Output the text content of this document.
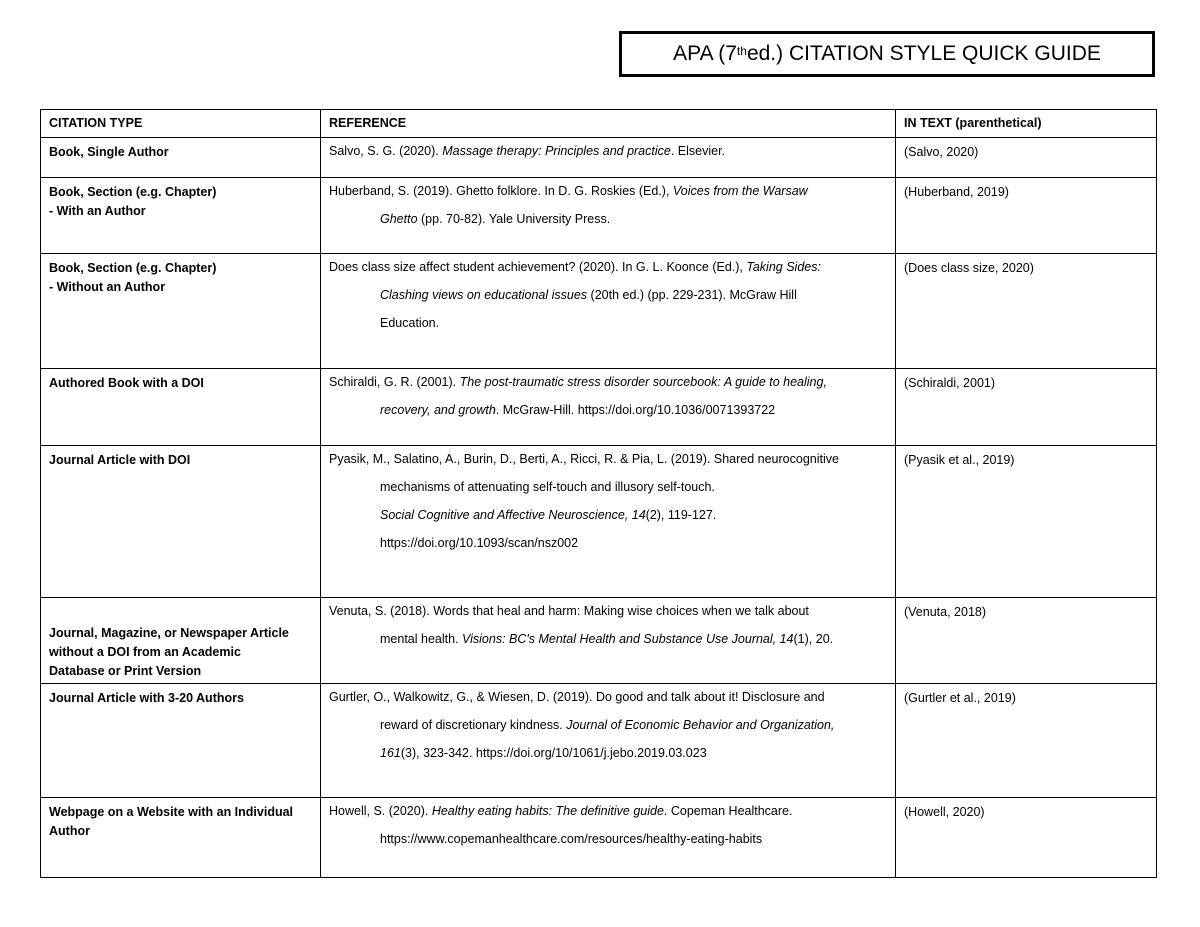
APA (7th ed.) CITATION STYLE QUICK GUIDE
CITATION TYPE	REFERENCE	IN TEXT (parenthetical)

Book, Single Author	Salvo, S. G. (2020). Massage therapy: Principles and practice. Elsevier.	(Salvo, 2020)

Book, Section (e.g. Chapter)
- With an Author	Huberband, S. (2019). Ghetto folklore. In D. G. Roskies (Ed.), Voices from the Warsaw
Ghetto (pp. 70-82). Yale University Press.	(Huberband, 2019)

Book, Section (e.g. Chapter)
- Without an Author	Does class size affect student achievement? (2020). In G. L. Koonce (Ed.), Taking Sides:
Clashing views on educational issues (20th ed.) (pp. 229-231). McGraw Hill
Education.	(Does class size, 2020)

Authored Book with a DOI	Schiraldi, G. R. (2001). The post-traumatic stress disorder sourcebook: A guide to healing,
recovery, and growth. McGraw-Hill. https://doi.org/10.1036/0071393722	(Schiraldi, 2001)

Journal Article with DOI	Pyasik, M., Salatino, A., Burin, D., Berti, A., Ricci, R. & Pia, L. (2019). Shared neurocognitive
mechanisms of attenuating self-touch and illusory self-touch.
Social Cognitive and Affective Neuroscience, 14(2), 119-127.
https://doi.org/10.1093/scan/nsz002	(Pyasik et al., 2019)

Journal, Magazine, or Newspaper Article
without a DOI from an Academic
Database or Print Version	Venuta, S. (2018). Words that heal and harm: Making wise choices when we talk about
mental health. Visions: BC's Mental Health and Substance Use Journal, 14(1), 20.	(Venuta, 2018)

Journal Article with 3-20 Authors	Gurtler, O., Walkowitz, G., & Wiesen, D. (2019). Do good and talk about it! Disclosure and
reward of discretionary kindness. Journal of Economic Behavior and Organization,
161(3), 323-342. https://doi.org/10/1061/j.jebo.2019.03.023	(Gurtler et al., 2019)

Webpage on a Website with an Individual
Author	Howell, S. (2020). Healthy eating habits: The definitive guide. Copeman Healthcare.
https://www.copemanhealthcare.com/resources/healthy-eating-habits	(Howell, 2020)
